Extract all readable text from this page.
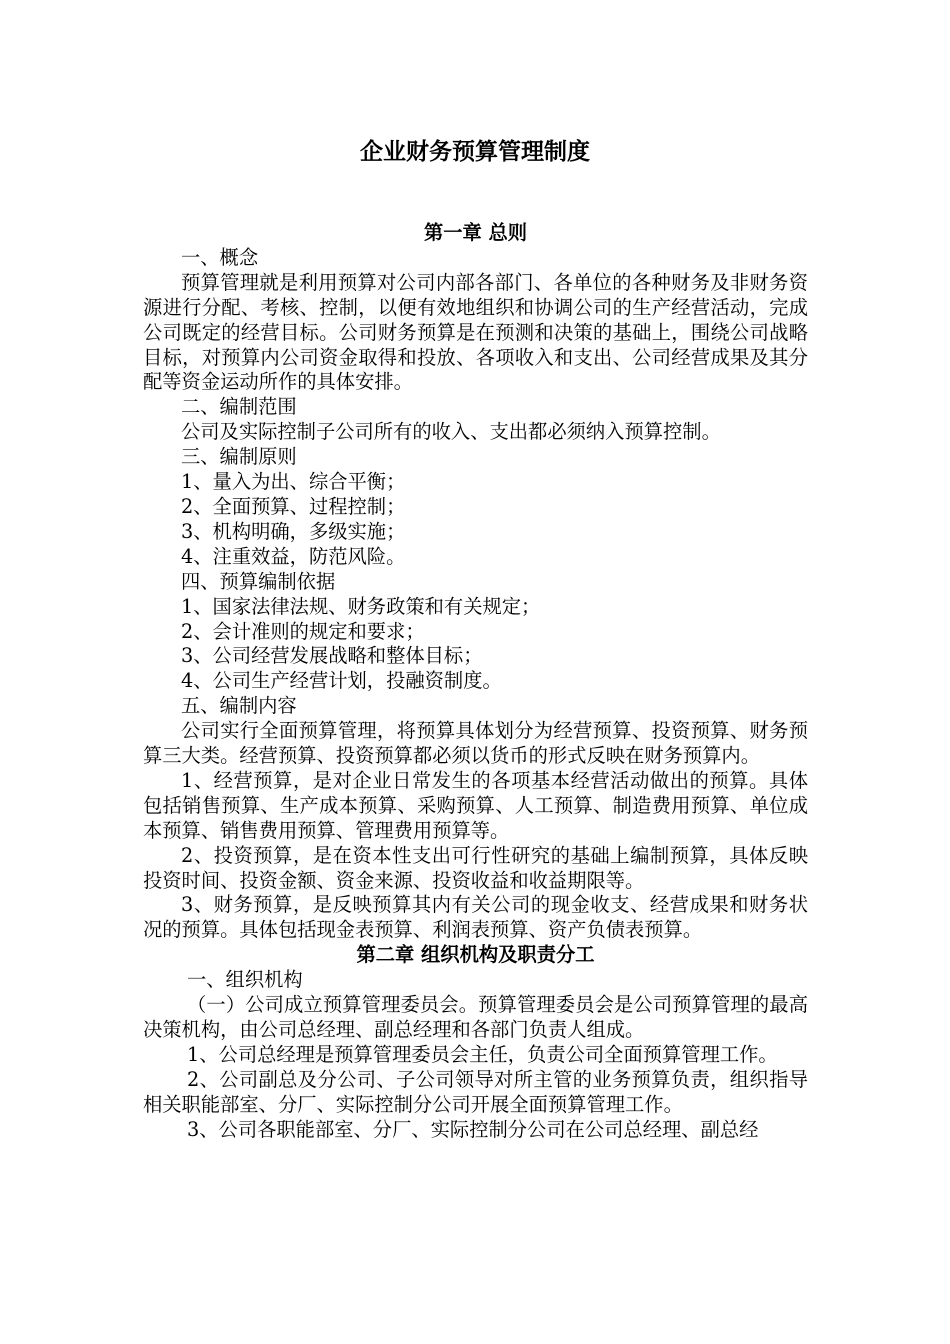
企业财务预算管理制度
第一章 总则

一、概念

预算管理就是利用预算对公司内部各部门、各单位的各种财务及非财务资源进行分配、考核、控制，以便有效地组织和协调公司的生产经营活动，完成公司既定的经营目标。公司财务预算是在预测和决策的基础上，围绕公司战略目标，对预算内公司资金取得和投放、各项收入和支出、公司经营成果及其分配等资金运动所作的具体安排。

二、编制范围

公司及实际控制子公司所有的收入、支出都必须纳入预算控制。

三、编制原则

1、量入为出、综合平衡；

2、全面预算、过程控制；

3、机构明确，多级实施；

4、注重效益，防范风险。

四、预算编制依据

1、国家法律法规、财务政策和有关规定；

2、会计准则的规定和要求；

3、公司经营发展战略和整体目标；

4、公司生产经营计划，投融资制度。

五、编制内容

公司实行全面预算管理，将预算具体划分为经营预算、投资预算、财务预算三大类。经营预算、投资预算都必须以货币的形式反映在财务预算内。

1、经营预算，是对企业日常发生的各项基本经营活动做出的预算。具体包括销售预算、生产成本预算、采购预算、人工预算、制造费用预算、单位成本预算、销售费用预算、管理费用预算等。

2、投资预算，是在资本性支出可行性研究的基础上编制预算，具体反映投资时间、投资金额、资金来源、投资收益和收益期限等。

3、财务预算，是反映预算其内有关公司的现金收支、经营成果和财务状况的预算。具体包括现金表预算、利润表预算、资产负债表预算。

第二章 组织机构及职责分工

一、组织机构

（一）公司成立预算管理委员会。预算管理委员会是公司预算管理的最高决策机构，由公司总经理、副总经理和各部门负责人组成。

1、公司总经理是预算管理委员会主任，负责公司全面预算管理工作。

2、公司副总及分公司、子公司领导对所主管的业务预算负责，组织指导相关职能部室、分厂、实际控制分公司开展全面预算管理工作。

3、公司各职能部室、分厂、实际控制分公司在公司总经理、副总经
